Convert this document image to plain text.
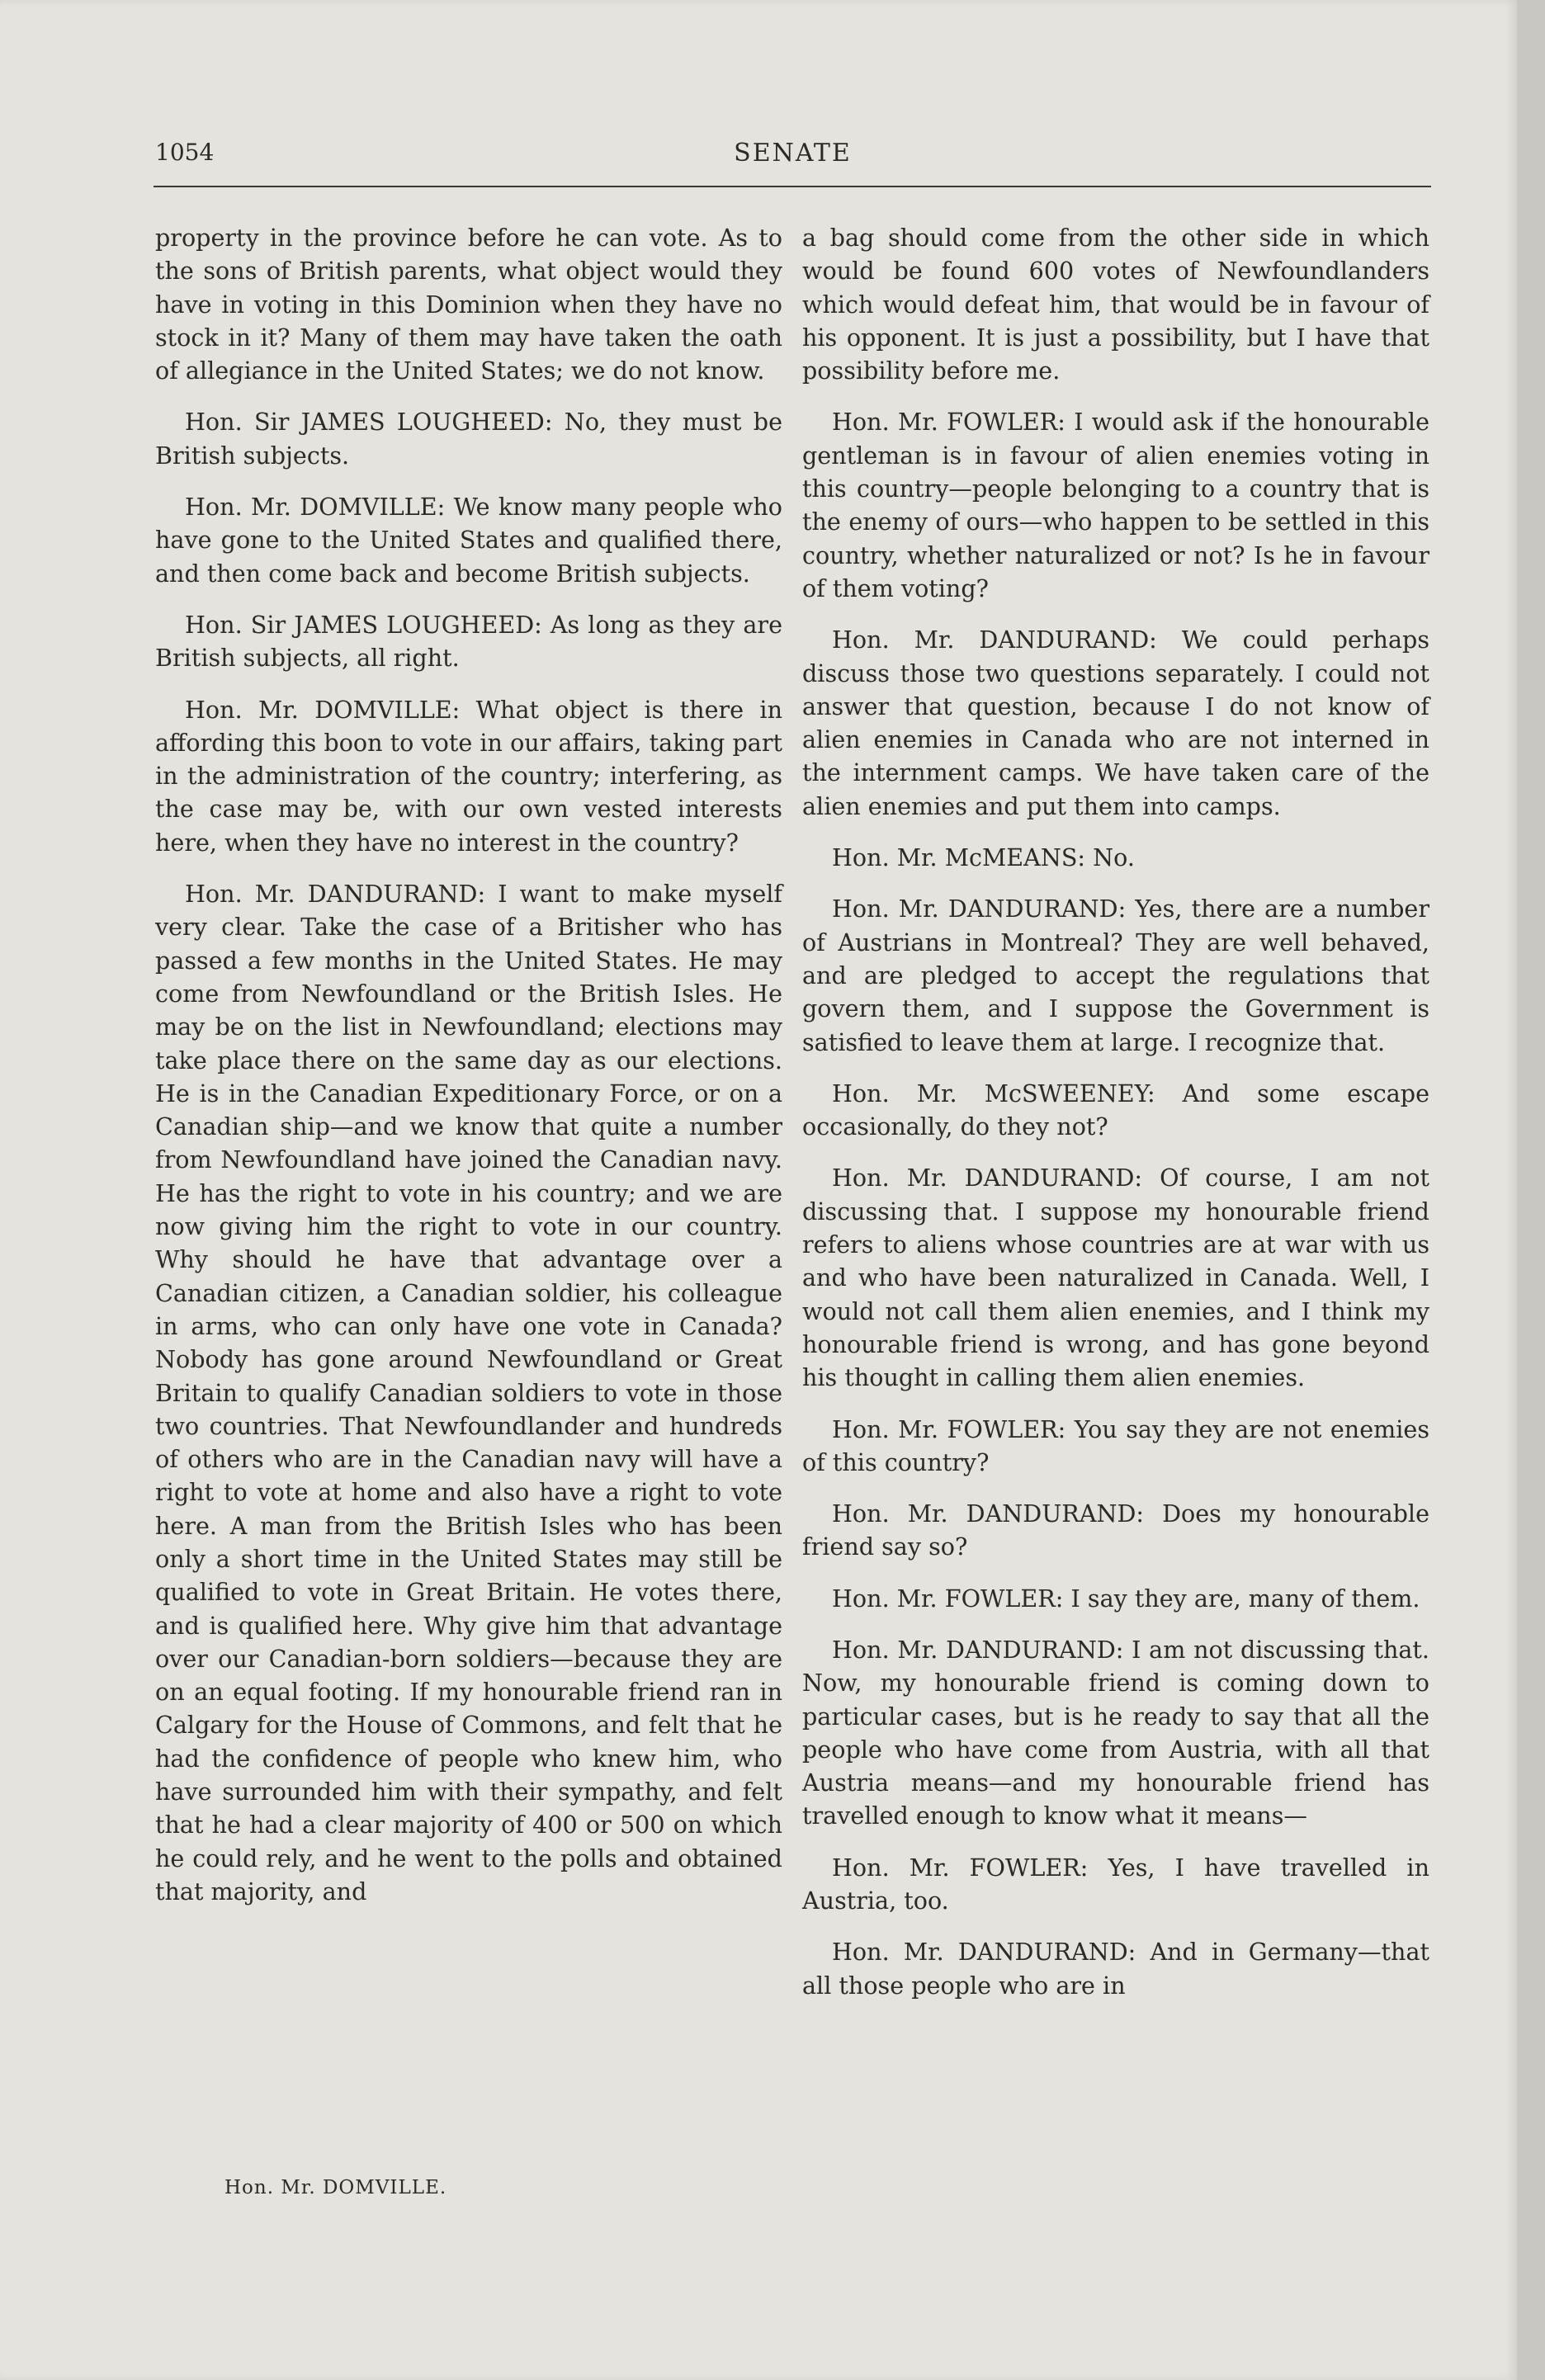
1054	SENATE

property in the province before he can vote. As to the sons of British parents, what object would they have in voting in this Dominion when they have no stock in it? Many of them may have taken the oath of allegiance in the United States; we do not know.

Hon. Sir JAMES LOUGHEED: No, they must be British subjects.

Hon. Mr. DOMVILLE: We know many people who have gone to the United States and qualified there, and then come back and become British subjects.

Hon. Sir JAMES LOUGHEED: As long as they are British subjects, all right.

Hon. Mr. DOMVILLE: What object is there in affording this boon to vote in our affairs, taking part in the administration of the country; interfering, as the case may be, with our own vested interests here, when they have no interest in the country?

Hon. Mr. DANDURAND: I want to make myself very clear. Take the case of a Britisher who has passed a few months in the United States. He may come from Newfoundland or the British Isles. He may be on the list in Newfoundland; elections may take place there on the same day as our elections. He is in the Canadian Expeditionary Force, or on a Canadian ship—and we know that quite a number from Newfoundland have joined the Canadian navy. He has the right to vote in his country; and we are now giving him the right to vote in our country. Why should he have that advantage over a Canadian citizen, a Canadian soldier, his colleague in arms, who can only have one vote in Canada? Nobody has gone around Newfoundland or Great Britain to qualify Canadian soldiers to vote in those two countries. That Newfoundlander and hundreds of others who are in the Canadian navy will have a right to vote at home and also have a right to vote here. A man from the British Isles who has been only a short time in the United States may still be qualified to vote in Great Britain. He votes there, and is qualified here. Why give him that advantage over our Canadian-born soldiers—because they are on an equal footing. If my honourable friend ran in Calgary for the House of Commons, and felt that he had the confidence of people who knew him, who have surrounded him with their sympathy, and felt that he had a clear majority of 400 or 500 on which he could rely, and he went to the polls and obtained that majority, and

a bag should come from the other side in which would be found 600 votes of Newfoundlanders which would defeat him, that would be in favour of his opponent. It is just a possibility, but I have that possibility before me.

Hon. Mr. FOWLER: I would ask if the honourable gentleman is in favour of alien enemies voting in this country—people belonging to a country that is the enemy of ours—who happen to be settled in this country, whether naturalized or not? Is he in favour of them voting?

Hon. Mr. DANDURAND: We could perhaps discuss those two questions separately. I could not answer that question, because I do not know of alien enemies in Canada who are not interned in the internment camps. We have taken care of the alien enemies and put them into camps.

Hon. Mr. McMEANS: No.

Hon. Mr. DANDURAND: Yes, there are a number of Austrians in Montreal? They are well behaved, and are pledged to accept the regulations that govern them, and I suppose the Government is satisfied to leave them at large. I recognize that.

Hon. Mr. McSWEENEY: And some escape occasionally, do they not?

Hon. Mr. DANDURAND: Of course, I am not discussing that. I suppose my honourable friend refers to aliens whose countries are at war with us and who have been naturalized in Canada. Well, I would not call them alien enemies, and I think my honourable friend is wrong, and has gone beyond his thought in calling them alien enemies.

Hon. Mr. FOWLER: You say they are not enemies of this country?

Hon. Mr. DANDURAND: Does my honourable friend say so?

Hon. Mr. FOWLER: I say they are, many of them.

Hon. Mr. DANDURAND: I am not discussing that. Now, my honourable friend is coming down to particular cases, but is he ready to say that all the people who have come from Austria, with all that Austria means—and my honourable friend has travelled enough to know what it means—

Hon. Mr. FOWLER: Yes, I have travelled in Austria, too.

Hon. Mr. DANDURAND: And in Germany—that all those people who are in

Hon. Mr. DOMVILLE.
